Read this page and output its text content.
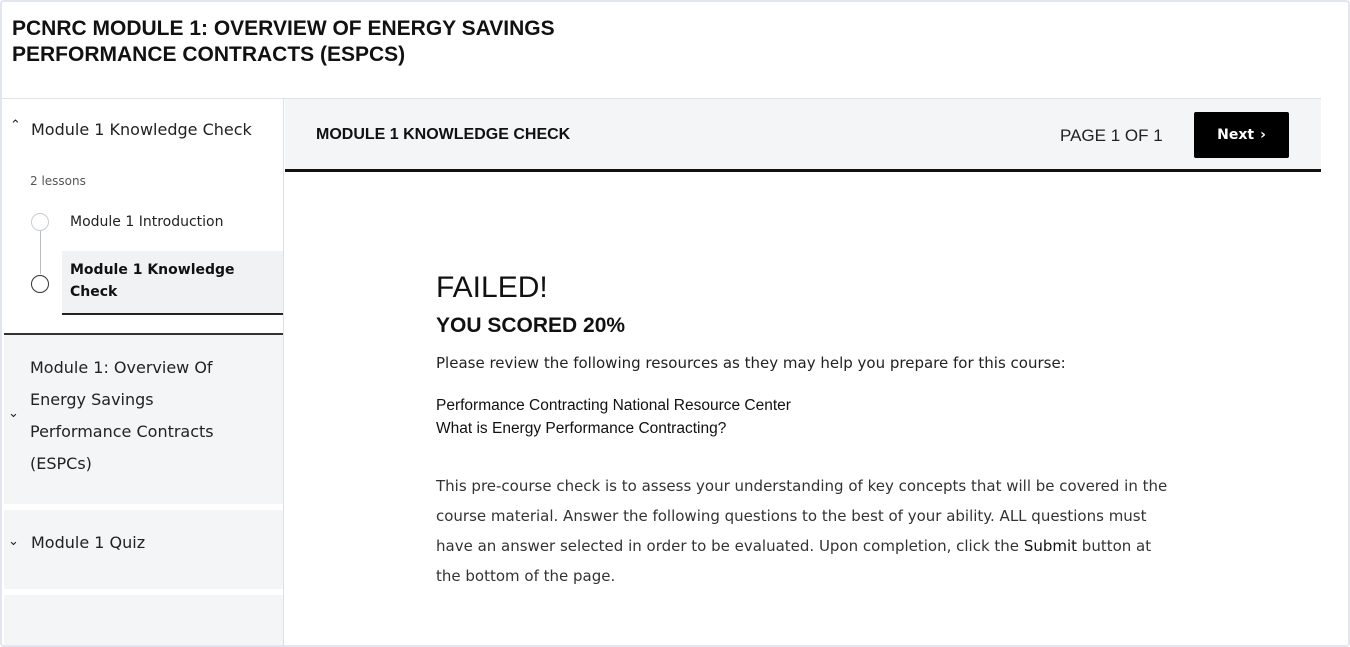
PCNRC MODULE 1: OVERVIEW OF ENERGY SAVINGS PERFORMANCE CONTRACTS (ESPCS)
⌃ Module 1 Knowledge Check
2 lessons
Module 1 Introduction
Module 1 Knowledge Check
⌄
Module 1: Overview Of Energy Savings Performance Contracts (ESPCs)
⌄ Module 1 Quiz
MODULE 1 KNOWLEDGE CHECK	PAGE 1 OF 1	Next ›
FAILED!
YOU SCORED 20%
Please review the following resources as they may help you prepare for this course:
Performance Contracting National Resource Center
What is Energy Performance Contracting?
This pre-course check is to assess your understanding of key concepts that will be covered in the course material. Answer the following questions to the best of your ability. ALL questions must have an answer selected in order to be evaluated. Upon completion, click the Submit button at the bottom of the page.
